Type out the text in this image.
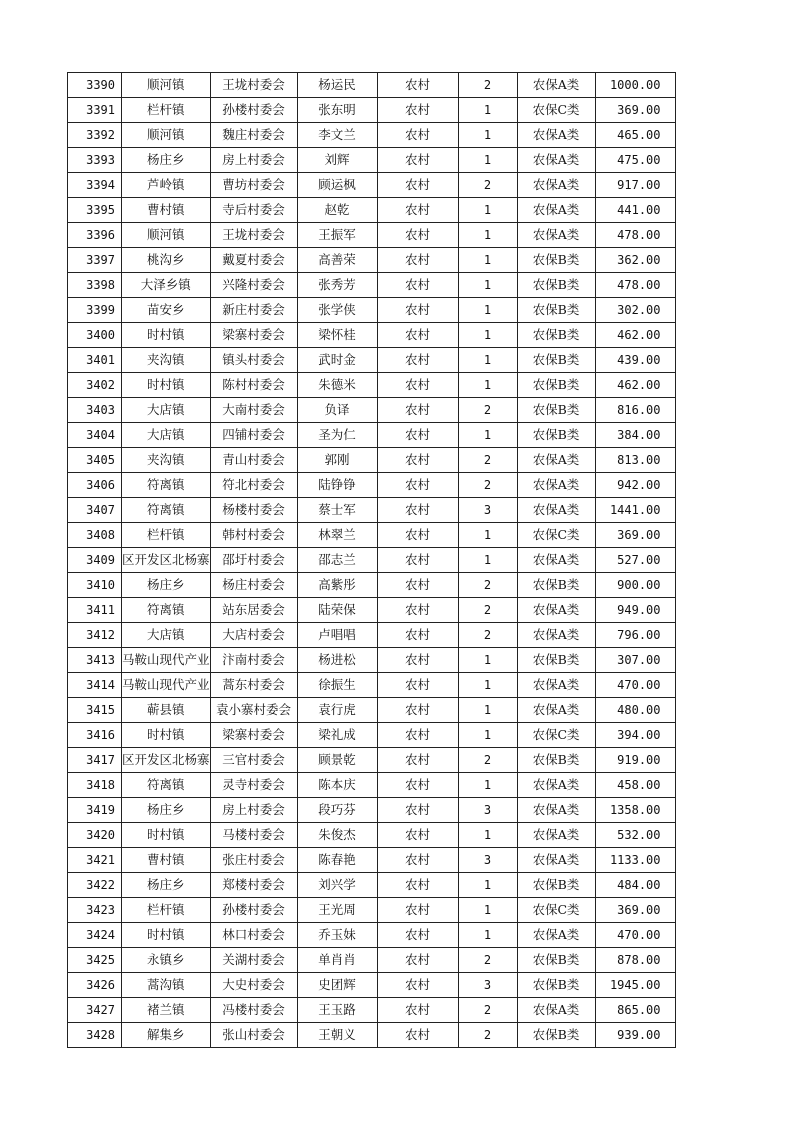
3390	顺河镇	王垅村委会	杨运民	农村	2	农保A类	1000.00
3391	栏杆镇	孙楼村委会	张东明	农村	1	农保C类	369.00
3392	顺河镇	魏庄村委会	李文兰	农村	1	农保A类	465.00
3393	杨庄乡	房上村委会	刘辉	农村	1	农保A类	475.00
3394	芦岭镇	曹坊村委会	顾运枫	农村	2	农保A类	917.00
3395	曹村镇	寺后村委会	赵乾	农村	1	农保A类	441.00
3396	顺河镇	王垅村委会	王振军	农村	1	农保A类	478.00
3397	桃沟乡	戴夏村委会	高善荣	农村	1	农保B类	362.00
3398	大泽乡镇	兴隆村委会	张秀芳	农村	1	农保B类	478.00
3399	苗安乡	新庄村委会	张学侠	农村	1	农保B类	302.00
3400	时村镇	梁寨村委会	梁怀桂	农村	1	农保B类	462.00
3401	夹沟镇	镇头村委会	武时金	农村	1	农保B类	439.00
3402	时村镇	陈村村委会	朱德米	农村	1	农保B类	462.00
3403	大店镇	大南村委会	负译	农村	2	农保B类	816.00
3404	大店镇	四铺村委会	圣为仁	农村	1	农保B类	384.00
3405	夹沟镇	青山村委会	郭刚	农村	2	农保A类	813.00
3406	符离镇	符北村委会	陆铮铮	农村	2	农保A类	942.00
3407	符离镇	杨楼村委会	蔡士军	农村	3	农保A类	1441.00
3408	栏杆镇	韩村村委会	林翠兰	农村	1	农保C类	369.00
3409	区开发区北杨寨	邵圩村委会	邵志兰	农村	1	农保A类	527.00
3410	杨庄乡	杨庄村委会	高紫彤	农村	2	农保B类	900.00
3411	符离镇	站东居委会	陆荣保	农村	2	农保A类	949.00
3412	大店镇	大店村委会	卢唱唱	农村	2	农保A类	796.00
3413	马鞍山现代产业	汴南村委会	杨进松	农村	1	农保B类	307.00
3414	马鞍山现代产业	蒿东村委会	徐振生	农村	1	农保A类	470.00
3415	蕲县镇	袁小寨村委会	袁行虎	农村	1	农保A类	480.00
3416	时村镇	梁寨村委会	梁礼成	农村	1	农保C类	394.00
3417	区开发区北杨寨	三官村委会	顾景乾	农村	2	农保B类	919.00
3418	符离镇	灵寺村委会	陈本庆	农村	1	农保A类	458.00
3419	杨庄乡	房上村委会	段巧芬	农村	3	农保A类	1358.00
3420	时村镇	马楼村委会	朱俊杰	农村	1	农保A类	532.00
3421	曹村镇	张庄村委会	陈春艳	农村	3	农保A类	1133.00
3422	杨庄乡	郑楼村委会	刘兴学	农村	1	农保B类	484.00
3423	栏杆镇	孙楼村委会	王光周	农村	1	农保C类	369.00
3424	时村镇	林口村委会	乔玉妹	农村	1	农保A类	470.00
3425	永镇乡	关湖村委会	单肖肖	农村	2	农保B类	878.00
3426	蒿沟镇	大史村委会	史团辉	农村	3	农保B类	1945.00
3427	褚兰镇	冯楼村委会	王玉路	农村	2	农保A类	865.00
3428	解集乡	张山村委会	王朝义	农村	2	农保B类	939.00
